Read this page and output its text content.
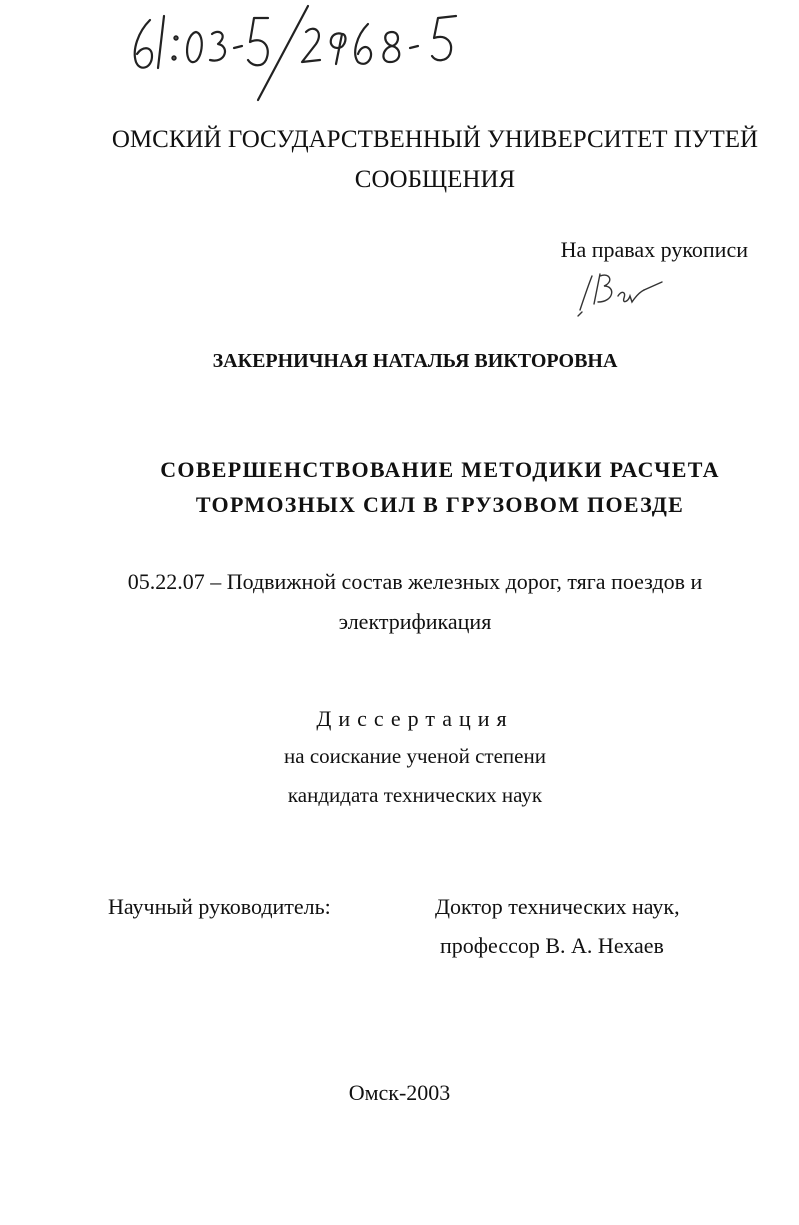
ОМСКИЙ ГОСУДАРСТВЕННЫЙ УНИВЕРСИТЕТ ПУТЕЙ
СООБЩЕНИЯ
На правах рукописи
ЗАКЕРНИЧНАЯ НАТАЛЬЯ ВИКТОРОВНА
СОВЕРШЕНСТВОВАНИЕ МЕТОДИКИ РАСЧЕТА
ТОРМОЗНЫХ СИЛ В ГРУЗОВОМ ПОЕЗДЕ
05.22.07 – Подвижной состав железных дорог, тяга поездов и
электрификация
Диссертация
на соискание ученой степени
кандидата технических наук
Научный руководитель:	Доктор технических наук,
профессор В. А. Нехаев
Омск-2003
